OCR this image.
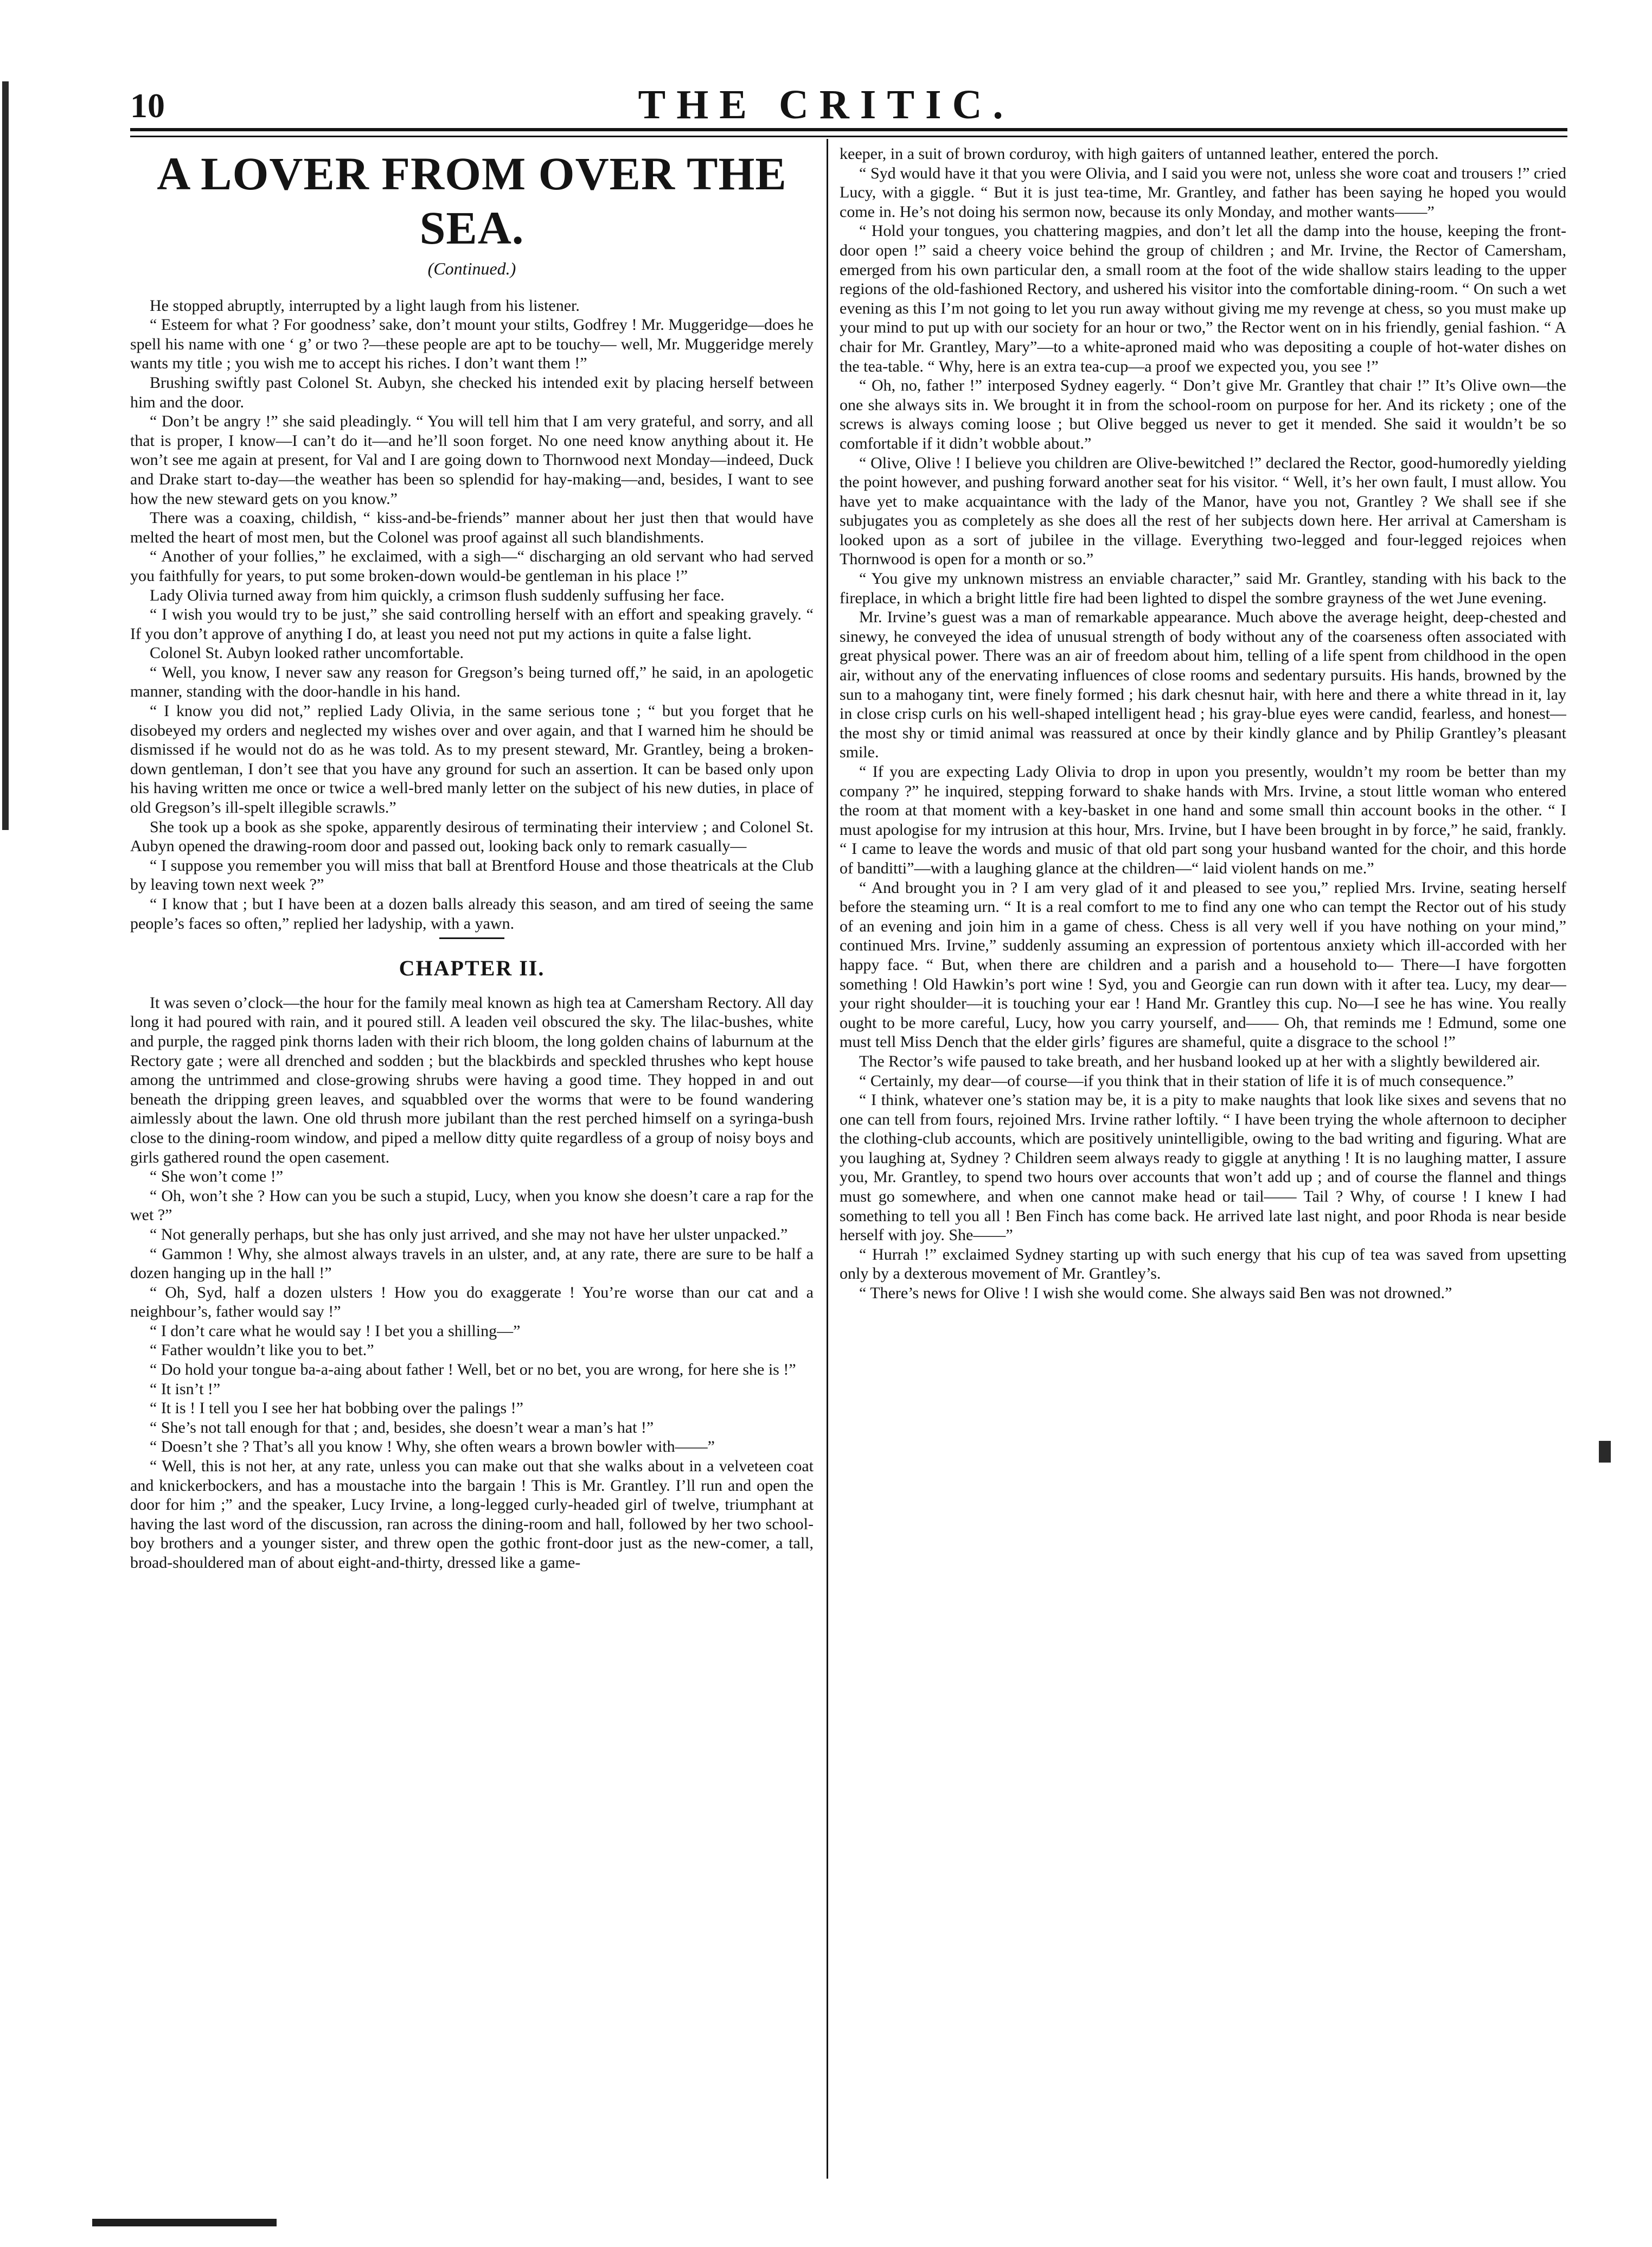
10	THE CRITIC.
A LOVER FROM OVER THE SEA.
(Continued.)

He stopped abruptly, interrupted by a light laugh from his listener.

“ Esteem for what ? For goodness’ sake, don’t mount your stilts, Godfrey ! Mr. Muggeridge—does he spell his name with one ‘ g’ or two ?—these people are apt to be touchy— well, Mr. Muggeridge merely wants my title ; you wish me to accept his riches. I don’t want them !”

Brushing swiftly past Colonel St. Aubyn, she checked his intended exit by placing herself between him and the door.

“ Don’t be angry !” she said pleadingly. “ You will tell him that I am very grateful, and sorry, and all that is proper, I know—I can’t do it—and he’ll soon forget. No one need know anything about it. He won’t see me again at present, for Val and I are going down to Thornwood next Monday—indeed, Duck and Drake start to-day—the weather has been so splendid for hay-making—and, besides, I want to see how the new steward gets on you know.”

There was a coaxing, childish, “ kiss-and-be-friends” manner about her just then that would have melted the heart of most men, but the Colonel was proof against all such blandishments.

“ Another of your follies,” he exclaimed, with a sigh—“ discharging an old servant who had served you faithfully for years, to put some broken-down would-be gentleman in his place !”

Lady Olivia turned away from him quickly, a crimson flush suddenly suffusing her face.

“ I wish you would try to be just,” she said controlling herself with an effort and speaking gravely. “ If you don’t approve of anything I do, at least you need not put my actions in quite a false light.

Colonel St. Aubyn looked rather uncomfortable.

“ Well, you know, I never saw any reason for Gregson’s being turned off,” he said, in an apologetic manner, standing with the door-handle in his hand.

“ I know you did not,” replied Lady Olivia, in the same serious tone ; “ but you forget that he disobeyed my orders and neglected my wishes over and over again, and that I warned him he should be dismissed if he would not do as he was told. As to my present steward, Mr. Grantley, being a broken-down gentleman, I don’t see that you have any ground for such an assertion. It can be based only upon his having written me once or twice a well-bred manly letter on the subject of his new duties, in place of old Gregson’s ill-spelt illegible scrawls.”

She took up a book as she spoke, apparently desirous of terminating their interview ; and Colonel St. Aubyn opened the drawing-room door and passed out, looking back only to remark casually—

“ I suppose you remember you will miss that ball at Brentford House and those theatricals at the Club by leaving town next week ?”

“ I know that ; but I have been at a dozen balls already this season, and am tired of seeing the same people’s faces so often,” replied her ladyship, with a yawn.

CHAPTER II.

It was seven o’clock—the hour for the family meal known as high tea at Camersham Rectory. All day long it had poured with rain, and it poured still. A leaden veil obscured the sky. The lilac-bushes, white and purple, the ragged pink thorns laden with their rich bloom, the long golden chains of laburnum at the Rectory gate ; were all drenched and sodden ; but the blackbirds and speckled thrushes who kept house among the untrimmed and close-growing shrubs were having a good time. They hopped in and out beneath the dripping green leaves, and squabbled over the worms that were to be found wandering aimlessly about the lawn. One old thrush more jubilant than the rest perched himself on a syringa-bush close to the dining-room window, and piped a mellow ditty quite regardless of a group of noisy boys and girls gathered round the open casement.

“ She won’t come !”

“ Oh, won’t she ? How can you be such a stupid, Lucy, when you know she doesn’t care a rap for the wet ?”

“ Not generally perhaps, but she has only just arrived, and she may not have her ulster unpacked.”

“ Gammon ! Why, she almost always travels in an ulster, and, at any rate, there are sure to be half a dozen hanging up in the hall !”

“ Oh, Syd, half a dozen ulsters ! How you do exaggerate ! You’re worse than our cat and a neighbour’s, father would say !”

“ I don’t care what he would say ! I bet you a shilling—”

“ Father wouldn’t like you to bet.”

“ Do hold your tongue ba-a-aing about father ! Well, bet or no bet, you are wrong, for here she is !”

“ It isn’t !”

“ It is ! I tell you I see her hat bobbing over the palings !”

“ She’s not tall enough for that ; and, besides, she doesn’t wear a man’s hat !”

“ Doesn’t she ? That’s all you know ! Why, she often wears a brown bowler with——”

“ Well, this is not her, at any rate, unless you can make out that she walks about in a velveteen coat and knickerbockers, and has a moustache into the bargain ! This is Mr. Grantley. I’ll run and open the door for him ;” and the speaker, Lucy Irvine, a long-legged curly-headed girl of twelve, triumphant at having the last word of the discussion, ran across the dining-room and hall, followed by her two school-boy brothers and a younger sister, and threw open the gothic front-door just as the new-comer, a tall, broad-shouldered man of about eight-and-thirty, dressed like a game-

keeper, in a suit of brown corduroy, with high gaiters of untanned leather, entered the porch.

“ Syd would have it that you were Olivia, and I said you were not, unless she wore coat and trousers !” cried Lucy, with a giggle. “ But it is just tea-time, Mr. Grantley, and father has been saying he hoped you would come in. He’s not doing his sermon now, because its only Monday, and mother wants——”

“ Hold your tongues, you chattering magpies, and don’t let all the damp into the house, keeping the front-door open !” said a cheery voice behind the group of children ; and Mr. Irvine, the Rector of Camersham, emerged from his own particular den, a small room at the foot of the wide shallow stairs leading to the upper regions of the old-fashioned Rectory, and ushered his visitor into the comfortable dining-room. “ On such a wet evening as this I’m not going to let you run away without giving me my revenge at chess, so you must make up your mind to put up with our society for an hour or two,” the Rector went on in his friendly, genial fashion. “ A chair for Mr. Grantley, Mary”—to a white-aproned maid who was depositing a couple of hot-water dishes on the tea-table. “ Why, here is an extra tea-cup—a proof we expected you, you see !”

“ Oh, no, father !” interposed Sydney eagerly. “ Don’t give Mr. Grantley that chair !” It’s Olive own—the one she always sits in. We brought it in from the school-room on purpose for her. And its rickety ; one of the screws is always coming loose ; but Olive begged us never to get it mended. She said it wouldn’t be so comfortable if it didn’t wobble about.”

“ Olive, Olive ! I believe you children are Olive-bewitched !” declared the Rector, good-humoredly yielding the point however, and pushing forward another seat for his visitor. “ Well, it’s her own fault, I must allow. You have yet to make acquaintance with the lady of the Manor, have you not, Grantley ? We shall see if she subjugates you as completely as she does all the rest of her subjects down here. Her arrival at Camersham is looked upon as a sort of jubilee in the village. Everything two-legged and four-legged rejoices when Thornwood is open for a month or so.”

“ You give my unknown mistress an enviable character,” said Mr. Grantley, standing with his back to the fireplace, in which a bright little fire had been lighted to dispel the sombre grayness of the wet June evening.

Mr. Irvine’s guest was a man of remarkable appearance. Much above the average height, deep-chested and sinewy, he conveyed the idea of unusual strength of body without any of the coarseness often associated with great physical power. There was an air of freedom about him, telling of a life spent from childhood in the open air, without any of the enervating influences of close rooms and sedentary pursuits. His hands, browned by the sun to a mahogany tint, were finely formed ; his dark chesnut hair, with here and there a white thread in it, lay in close crisp curls on his well-shaped intelligent head ; his gray-blue eyes were candid, fearless, and honest—the most shy or timid animal was reassured at once by their kindly glance and by Philip Grantley’s pleasant smile.

“ If you are expecting Lady Olivia to drop in upon you presently, wouldn’t my room be better than my company ?” he inquired, stepping forward to shake hands with Mrs. Irvine, a stout little woman who entered the room at that moment with a key-basket in one hand and some small thin account books in the other. “ I must apologise for my intrusion at this hour, Mrs. Irvine, but I have been brought in by force,” he said, frankly. “ I came to leave the words and music of that old part song your husband wanted for the choir, and this horde of banditti”—with a laughing glance at the children—“ laid violent hands on me.”

“ And brought you in ? I am very glad of it and pleased to see you,” replied Mrs. Irvine, seating herself before the steaming urn. “ It is a real comfort to me to find any one who can tempt the Rector out of his study of an evening and join him in a game of chess. Chess is all very well if you have nothing on your mind,” continued Mrs. Irvine,” suddenly assuming an expression of portentous anxiety which ill-accorded with her happy face. “ But, when there are children and a parish and a household to— There—I have forgotten something ! Old Hawkin’s port wine ! Syd, you and Georgie can run down with it after tea. Lucy, my dear—your right shoulder—it is touching your ear ! Hand Mr. Grantley this cup. No—I see he has wine. You really ought to be more careful, Lucy, how you carry yourself, and—— Oh, that reminds me ! Edmund, some one must tell Miss Dench that the elder girls’ figures are shameful, quite a disgrace to the school !”

The Rector’s wife paused to take breath, and her husband looked up at her with a slightly bewildered air.

“ Certainly, my dear—of course—if you think that in their station of life it is of much consequence.”

“ I think, whatever one’s station may be, it is a pity to make naughts that look like sixes and sevens that no one can tell from fours, rejoined Mrs. Irvine rather loftily. “ I have been trying the whole afternoon to decipher the clothing-club accounts, which are positively unintelligible, owing to the bad writing and figuring. What are you laughing at, Sydney ? Children seem always ready to giggle at anything ! It is no laughing matter, I assure you, Mr. Grantley, to spend two hours over accounts that won’t add up ; and of course the flannel and things must go somewhere, and when one cannot make head or tail—— Tail ? Why, of course ! I knew I had something to tell you all ! Ben Finch has come back. He arrived late last night, and poor Rhoda is near beside herself with joy. She——”

“ Hurrah !” exclaimed Sydney starting up with such energy that his cup of tea was saved from upsetting only by a dexterous movement of Mr. Grantley’s.

“ There’s news for Olive ! I wish she would come. She always said Ben was not drowned.”
